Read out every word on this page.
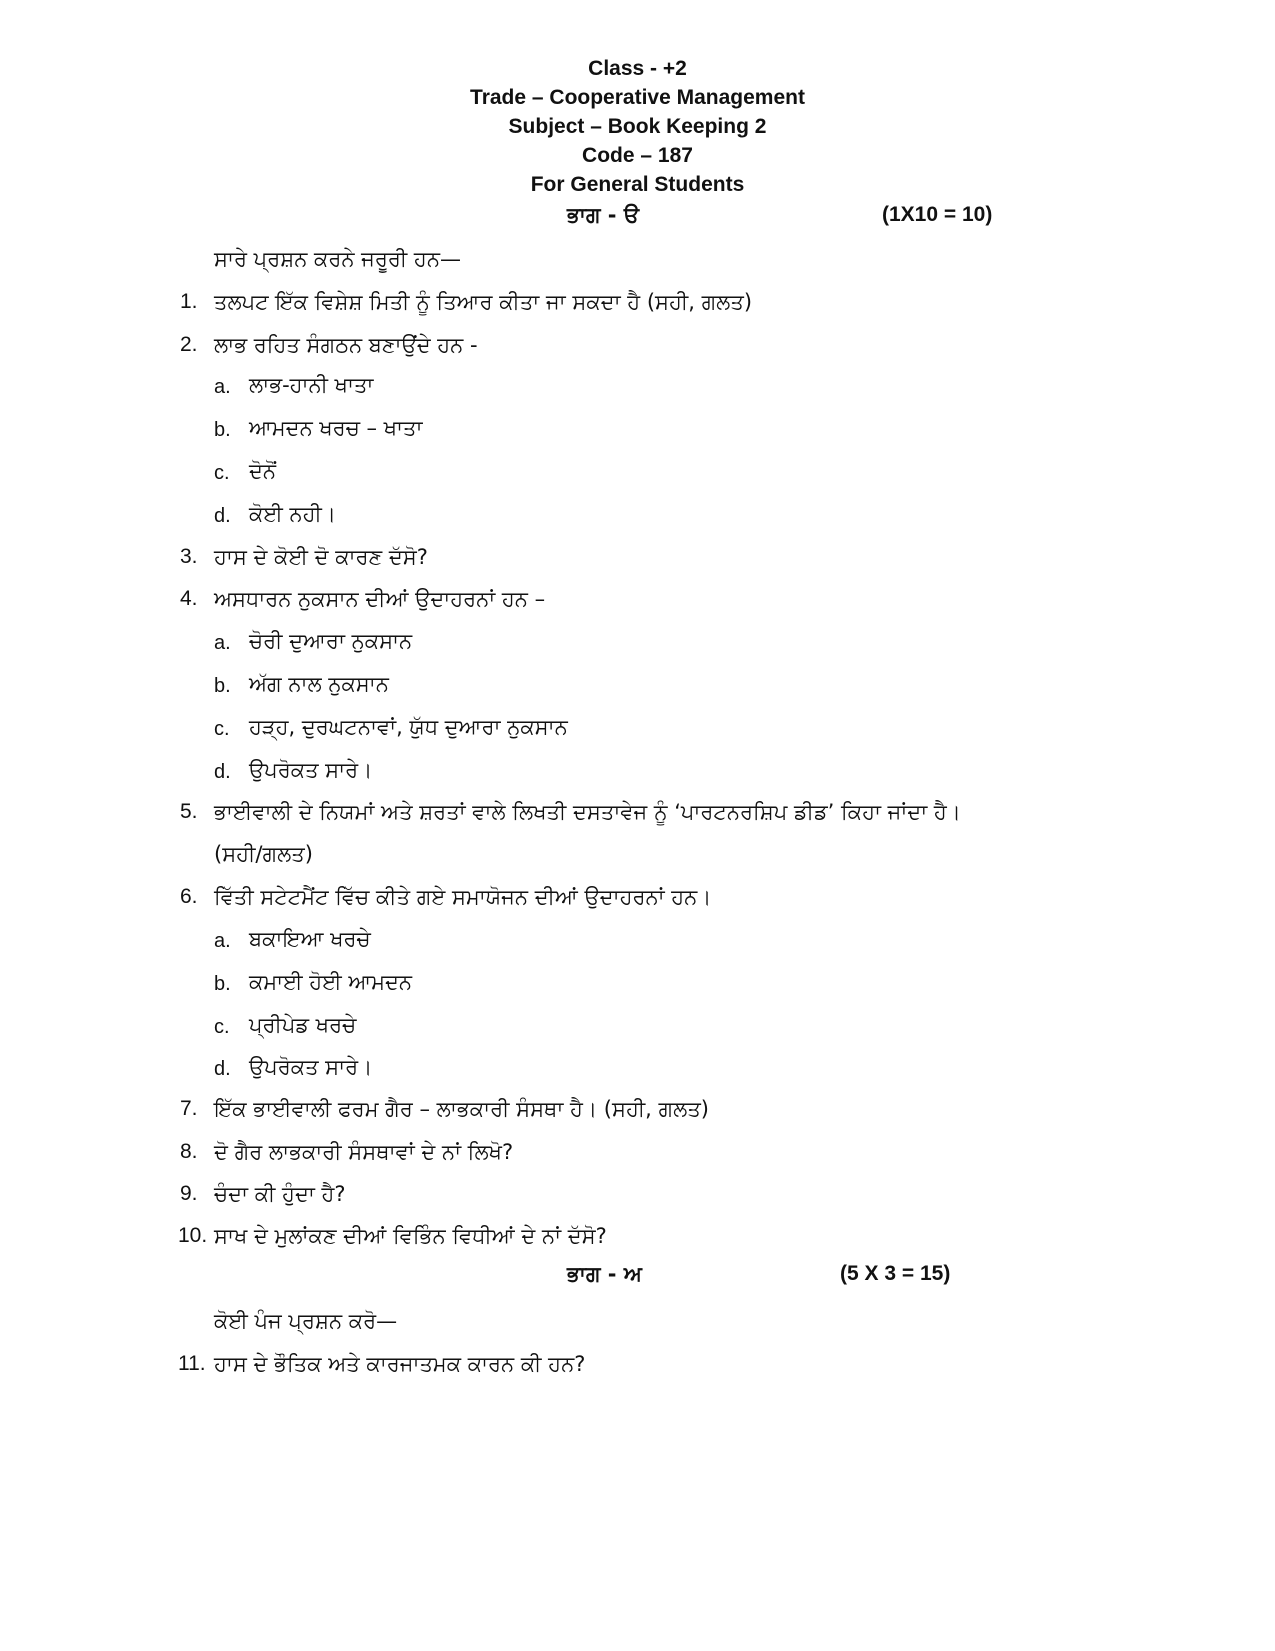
Class - +2
Trade – Cooperative Management
Subject – Book Keeping 2
Code – 187
For General Students
ਭਾਗ - ੳ	(1X10 = 10)
ਸਾਰੇ ਪ੍ਰਸ਼ਨ ਕਰਨੇ ਜਰੂਰੀ ਹਨ—
1. ਤਲਪਟ ਇੱਕ ਵਿਸ਼ੇਸ਼ ਮਿਤੀ ਨੂੰ ਤਿਆਰ ਕੀਤਾ ਜਾ ਸਕਦਾ ਹੈ (ਸਹੀ, ਗਲਤ)
2. ਲਾਭ ਰਹਿਤ ਸੰਗਠਨ ਬਣਾਉਂਦੇ ਹਨ -
a. ਲਾਭ-ਹਾਨੀ ਖਾਤਾ
b. ਆਮਦਨ ਖਰਚ – ਖਾਤਾ
c. ਦੋਨੋਂ
d. ਕੋਈ ਨਹੀ।
3. ਹਾਸ ਦੇ ਕੋਈ ਦੋ ਕਾਰਣ ਦੱਸੋ?
4. ਅਸਧਾਰਨ ਨੁਕਸਾਨ ਦੀਆਂ ਉਦਾਹਰਨਾਂ ਹਨ –
a. ਚੋਰੀ ਦੁਆਰਾ ਨੁਕਸਾਨ
b. ਅੱਗ ਨਾਲ ਨੁਕਸਾਨ
c. ਹੜ੍ਹ, ਦੁਰਘਟਨਾਵਾਂ, ਯੁੱਧ ਦੁਆਰਾ ਨੁਕਸਾਨ
d. ਉਪਰੋਕਤ ਸਾਰੇ।
5. ਭਾਈਵਾਲੀ ਦੇ ਨਿਯਮਾਂ ਅਤੇ ਸ਼ਰਤਾਂ ਵਾਲੇ ਲਿਖਤੀ ਦਸਤਾਵੇਜ ਨੂੰ ‘ਪਾਰਟਨਰਸ਼ਿਪ ਡੀਡ’ ਕਿਹਾ ਜਾਂਦਾ ਹੈ।
(ਸਹੀ/ਗਲਤ)
6. ਵਿੱਤੀ ਸਟੇਟਮੈਂਟ ਵਿੱਚ ਕੀਤੇ ਗਏ ਸਮਾਯੋਜਨ ਦੀਆਂ ਉਦਾਹਰਨਾਂ ਹਨ।
a. ਬਕਾਇਆ ਖਰਚੇ
b. ਕਮਾਈ ਹੋਈ ਆਮਦਨ
c. ਪ੍ਰੀਪੇਡ ਖਰਚੇ
d. ਉਪਰੋਕਤ ਸਾਰੇ।
7. ਇੱਕ ਭਾਈਵਾਲੀ ਫਰਮ ਗੈਰ – ਲਾਭਕਾਰੀ ਸੰਸਥਾ ਹੈ। (ਸਹੀ, ਗਲਤ)
8. ਦੋ ਗੈਰ ਲਾਭਕਾਰੀ ਸੰਸਥਾਵਾਂ ਦੇ ਨਾਂ ਲਿਖੋ?
9. ਚੰਦਾ ਕੀ ਹੁੰਦਾ ਹੈ?
10. ਸਾਖ ਦੇ ਮੁਲਾਂਕਣ ਦੀਆਂ ਵਿਭਿੰਨ ਵਿਧੀਆਂ ਦੇ ਨਾਂ ਦੱਸੋ?
ਭਾਗ - ਅ	(5 X 3 = 15)
ਕੋਈ ਪੰਜ ਪ੍ਰਸ਼ਨ ਕਰੋ—
11. ਹਾਸ ਦੇ ਭੌਤਿਕ ਅਤੇ ਕਾਰਜਾਤਮਕ ਕਾਰਨ ਕੀ ਹਨ?
